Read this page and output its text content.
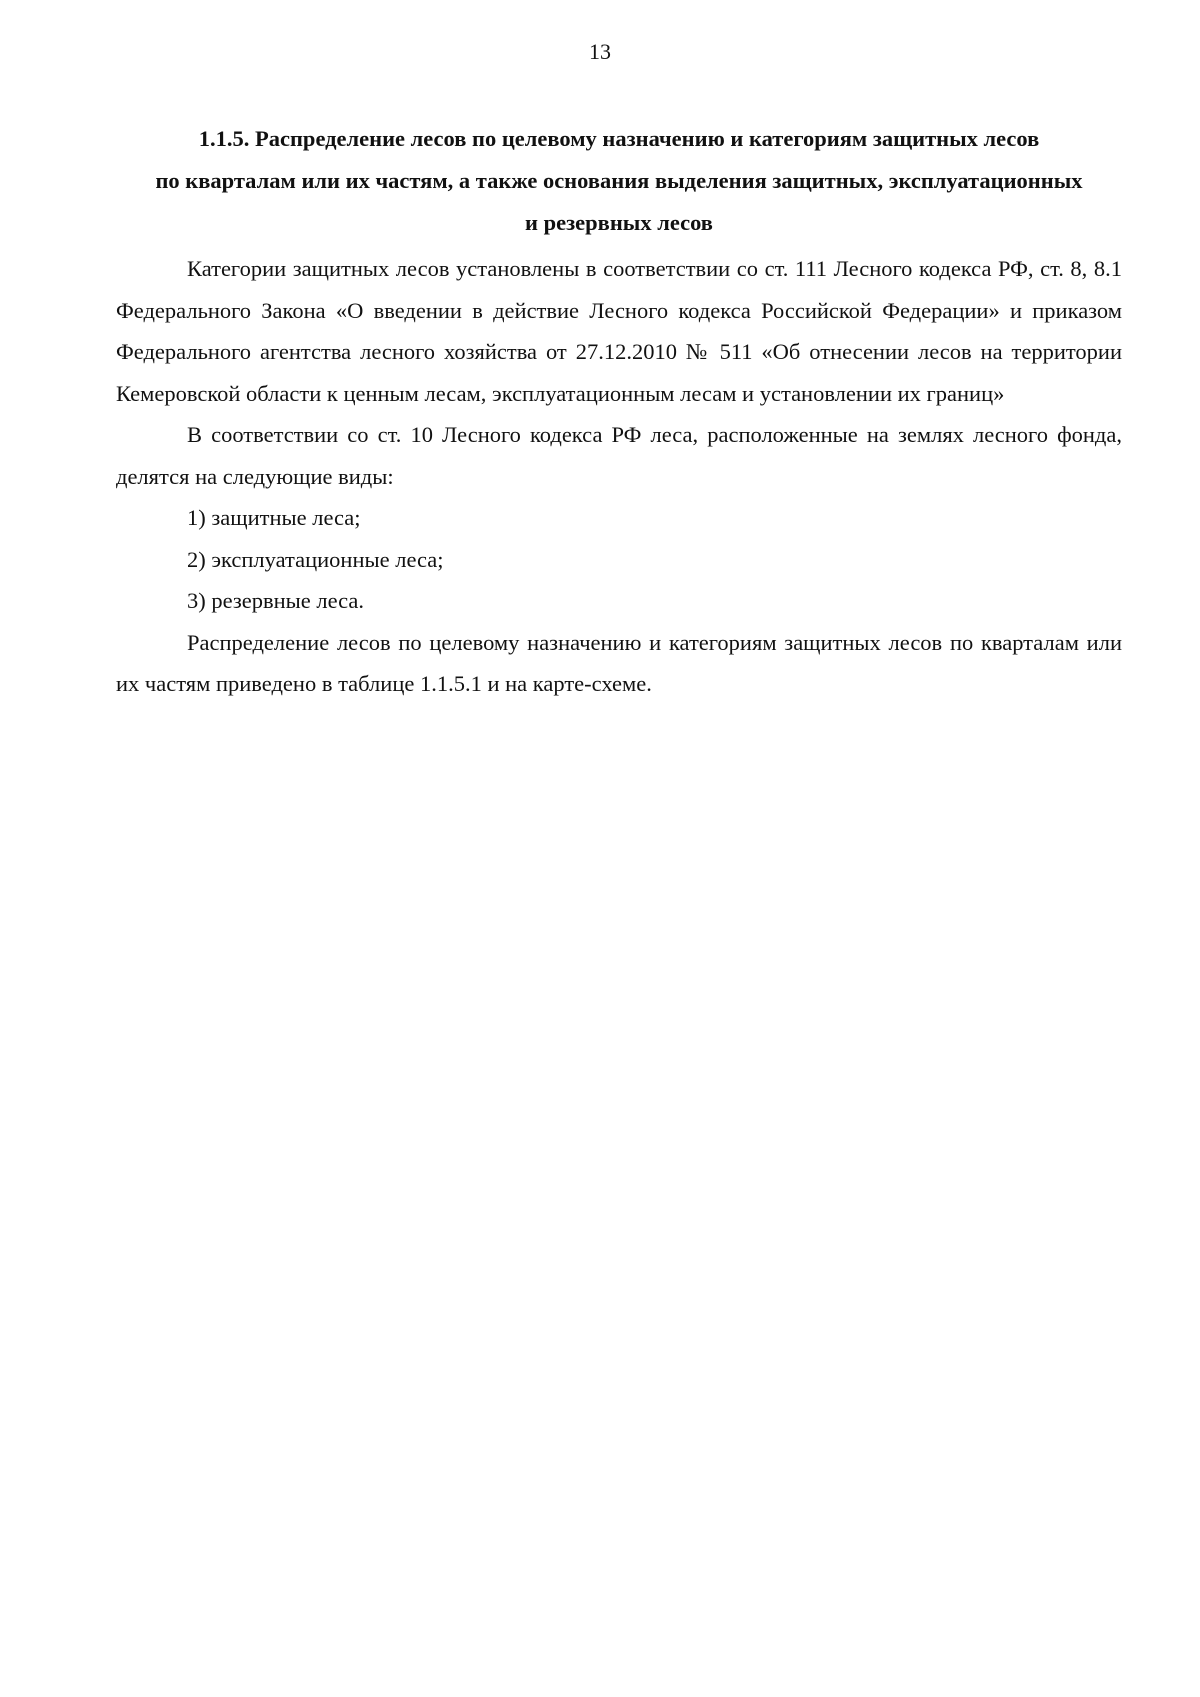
13
1.1.5. Распределение лесов по целевому назначению и категориям защитных лесов
по кварталам или их частям, а также основания выделения защитных, эксплуатационных
и резервных лесов

Категории защитных лесов установлены в соответствии со ст. 111 Лесного кодекса РФ, ст. 8, 8.1 Федерального Закона «О введении в действие Лесного кодекса Российской Федерации» и приказом Федерального агентства лесного хозяйства от 27.12.2010 № 511 «Об отнесении лесов на территории Кемеровской области к ценным лесам, эксплуатационным лесам и установлении их границ»

В соответствии со ст. 10 Лесного кодекса РФ леса, расположенные на землях лесного фонда, делятся на следующие виды:

1) защитные леса;

2) эксплуатационные леса;

3) резервные леса.

Распределение лесов по целевому назначению и категориям защитных лесов по кварталам или их частям приведено в таблице 1.1.5.1 и на карте-схеме.
